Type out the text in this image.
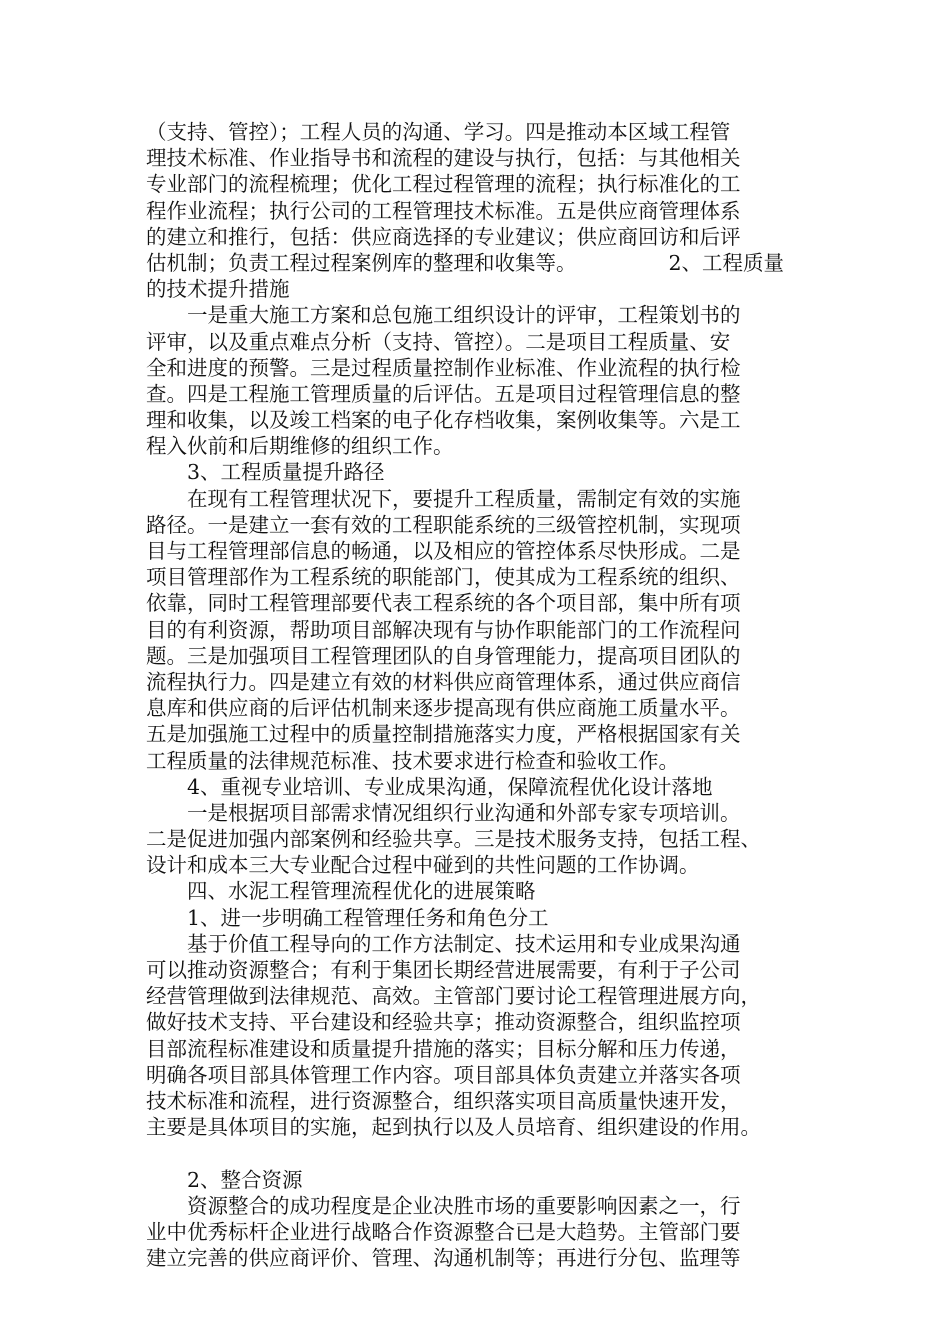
（支持、管控）；工程人员的沟通、学习。四是推动本区域工程管
理技术标准、作业指导书和流程的建设与执行，包括：与其他相关
专业部门的流程梳理；优化工程过程管理的流程；执行标准化的工
程作业流程；执行公司的工程管理技术标准。五是供应商管理体系
的建立和推行，包括：供应商选择的专业建议；供应商回访和后评
估机制；负责工程过程案例库的整理和收集等。	2、工程质量
的技术提升措施
一是重大施工方案和总包施工组织设计的评审，工程策划书的
评审，以及重点难点分析（支持、管控）。二是项目工程质量、安
全和进度的预警。三是过程质量控制作业标准、作业流程的执行检
查。四是工程施工管理质量的后评估。五是项目过程管理信息的整
理和收集，以及竣工档案的电子化存档收集，案例收集等。六是工
程入伙前和后期维修的组织工作。
3、工程质量提升路径
在现有工程管理状况下，要提升工程质量，需制定有效的实施
路径。一是建立一套有效的工程职能系统的三级管控机制，实现项
目与工程管理部信息的畅通，以及相应的管控体系尽快形成。二是
项目管理部作为工程系统的职能部门，使其成为工程系统的组织、
依靠，同时工程管理部要代表工程系统的各个项目部，集中所有项
目的有利资源，帮助项目部解决现有与协作职能部门的工作流程问
题。三是加强项目工程管理团队的自身管理能力，提高项目团队的
流程执行力。四是建立有效的材料供应商管理体系，通过供应商信
息库和供应商的后评估机制来逐步提高现有供应商施工质量水平。
五是加强施工过程中的质量控制措施落实力度，严格根据国家有关
工程质量的法律规范标准、技术要求进行检查和验收工作。
4、重视专业培训、专业成果沟通，保障流程优化设计落地
一是根据项目部需求情况组织行业沟通和外部专家专项培训。
二是促进加强内部案例和经验共享。三是技术服务支持，包括工程、
设计和成本三大专业配合过程中碰到的共性问题的工作协调。
四、水泥工程管理流程优化的进展策略
1、进一步明确工程管理任务和角色分工
基于价值工程导向的工作方法制定、技术运用和专业成果沟通
可以推动资源整合；有利于集团长期经营进展需要，有利于子公司
经营管理做到法律规范、高效。主管部门要讨论工程管理进展方向，
做好技术支持、平台建设和经验共享；推动资源整合，组织监控项
目部流程标准建设和质量提升措施的落实；目标分解和压力传递，
明确各项目部具体管理工作内容。项目部具体负责建立并落实各项
技术标准和流程，进行资源整合，组织落实项目高质量快速开发，
主要是具体项目的实施，起到执行以及人员培育、组织建设的作用。
2、整合资源
资源整合的成功程度是企业决胜市场的重要影响因素之一，行
业中优秀标杆企业进行战略合作资源整合已是大趋势。主管部门要
建立完善的供应商评价、管理、沟通机制等；再进行分包、监理等
